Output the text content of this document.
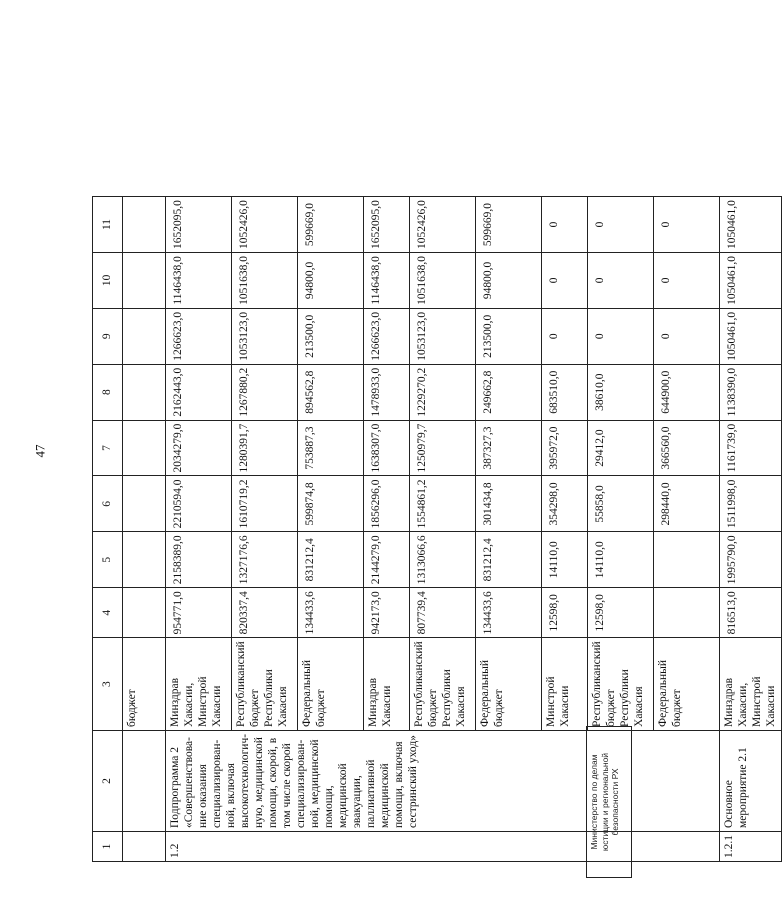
47
1	2	3	4	5	6	7	8	9	10	11
		бюджет								
1.2	Подпрограмма 2 «Совершенствова-ние оказания специализирован-ной, включая высокотехнологич-ную, медицинской помощи, скорой, в том числе скорой специализирован-ной, медицинской помощи, медицинской эвакуации, паллиативной медицинской помощи, включая сестринский уход»	Минздрав Хакасии, Минстрой Хакасии	954771,0	2158389,0	2210594,0	2034279,0	2162443,0	1266623,0	1146438,0	1652095,0
		Республиканский бюджет Республики Хакасия	820337,4	1327176,6	1610719,2	1280391,7	1267880,2	1053123,0	1051638,0	1052426,0
		Федеральный бюджет	134433,6	831212,4	599874,8	753887,3	894562,8	213500,0	94800,0	599669,0
		Минздрав Хакасии	942173,0	2144279,0	1856296,0	1638307,0	1478933,0	1266623,0	1146438,0	1652095,0
		Республиканский бюджет Республики Хакасия	807739,4	1313066,6	1554861,2	1250979,7	1229270,2	1053123,0	1051638,0	1052426,0
		Федеральный бюджет	134433,6	831212,4	301434,8	387327,3	249662,8	213500,0	94800,0	599669,0
		Минстрой Хакасии	12598,0	14110,0	354298,0	395972,0	683510,0	0	0	0
		Республиканский бюджет Республики Хакасия	12598,0	14110,0	55858,0	29412,0	38610,0	0	0	0
		Федеральный бюджет			298440,0	366560,0	644900,0	0	0	0
1.2.1	Основное мероприятие 2.1	Минздрав Хакасии, Минстрой Хакасии	816513,0	1995790,0	1511998,0	1161739,0	1138390,0	1050461,0	1050461,0	1050461,0
Министерство по делам юстиции и региональной безопасности РХ
